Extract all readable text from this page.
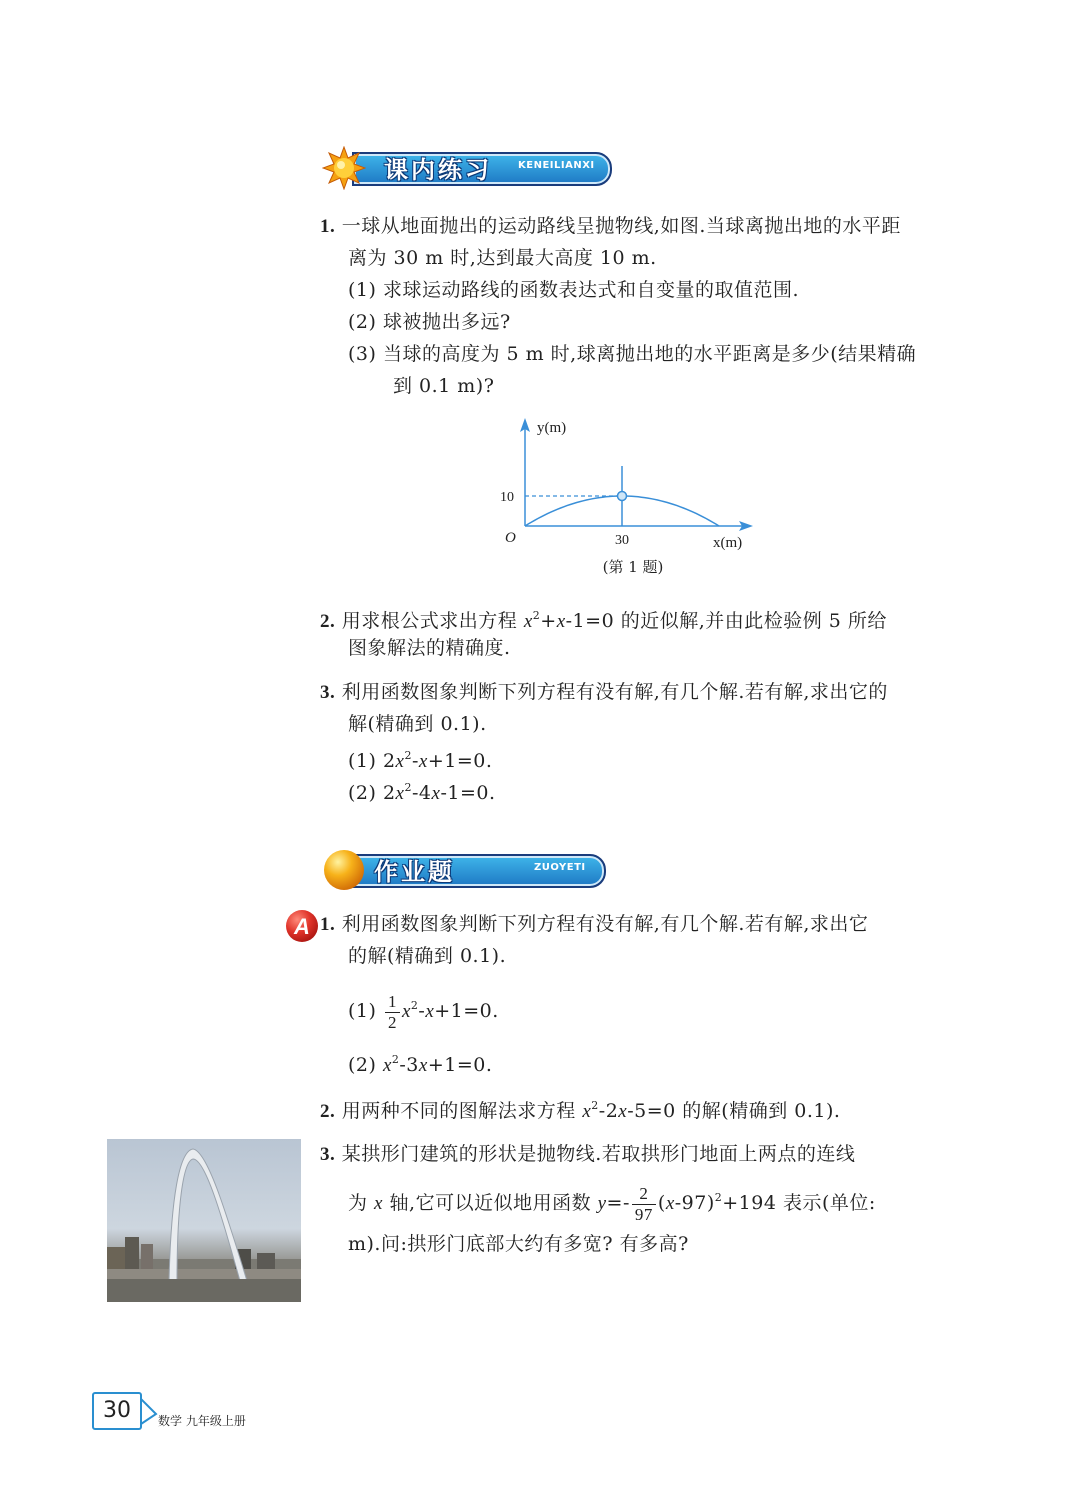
课内练习	KENEILIANXI
1. 一球从地面抛出的运动路线呈抛物线,如图.当球离抛出地的水平距
离为 30 m 时,达到最大高度 10 m.
(1) 求球运动路线的函数表达式和自变量的取值范围.
(2) 球被抛出多远?
(3) 当球的高度为 5 m 时,球离抛出地的水平距离是多少(结果精确
到 0.1 m)?
y(m)
x(m)
O	30
10
(第 1 题)
2. 用求根公式求出方程 $x^2+x-1=0$ 的近似解,并由此检验例 5 所给
图象解法的精确度.
3. 利用函数图象判断下列方程有没有解,有几个解.若有解,求出它的
解(精确到 0.1).
(1) $2x^2-x+1=0$.
(2) $2x^2-4x-1=0$.
作业题	ZUOYETI
A 1. 利用函数图象判断下列方程有没有解,有几个解.若有解,求出它
的解(精确到 0.1).
$(1) \frac{1}{2} x^2-x+1=0$.
(2) $x^2-3x+1=0$.
2. 用两种不同的图解法求方程 $x^2-2x-5=0$ 的解(精确到 0.1).
3. 某拱形门建筑的形状是抛物线.若取拱形门地面上两点的连线
为 x 轴,它可以近似地用函数 $y=- \frac{2}{97} (x-97)^2+194$ 表示(单位:
m).问:拱形门底部大约有多宽? 有多高?
30	数学 九年级上册
